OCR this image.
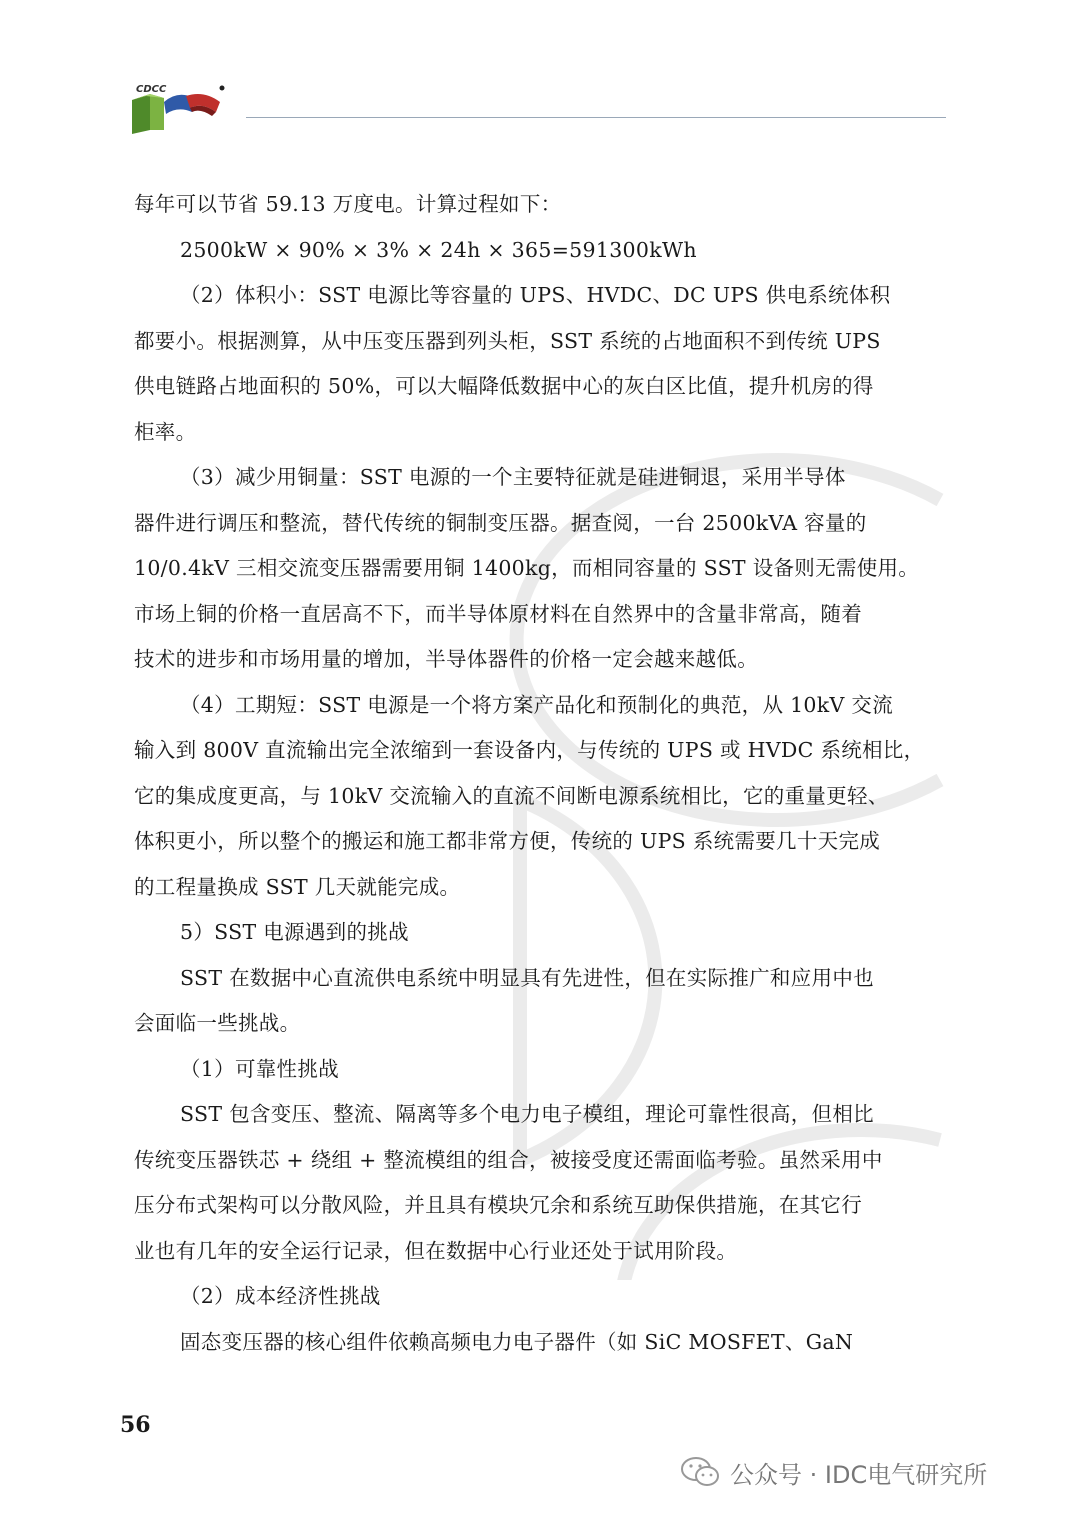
CDCC

每年可以节省 59.13 万度电。计算过程如下：

2500kW × 90% × 3% × 24h × 365=591300kWh

（2）体积小：SST 电源比等容量的 UPS、HVDC、DC UPS 供电系统体积

都要小。根据测算，从中压变压器到列头柜，SST 系统的占地面积不到传统 UPS

供电链路占地面积的 50%，可以大幅降低数据中心的灰白区比值，提升机房的得

柜率。

（3）减少用铜量：SST 电源的一个主要特征就是硅进铜退，采用半导体

器件进行调压和整流，替代传统的铜制变压器。据查阅，一台 2500kVA 容量的

10/0.4kV 三相交流变压器需要用铜 1400kg，而相同容量的 SST 设备则无需使用。

市场上铜的价格一直居高不下，而半导体原材料在自然界中的含量非常高，随着

技术的进步和市场用量的增加，半导体器件的价格一定会越来越低。

（4）工期短：SST 电源是一个将方案产品化和预制化的典范，从 10kV 交流

输入到 800V 直流输出完全浓缩到一套设备内，与传统的 UPS 或 HVDC 系统相比，

它的集成度更高，与 10kV 交流输入的直流不间断电源系统相比，它的重量更轻、

体积更小，所以整个的搬运和施工都非常方便，传统的 UPS 系统需要几十天完成

的工程量换成 SST 几天就能完成。

5）SST 电源遇到的挑战

SST 在数据中心直流供电系统中明显具有先进性，但在实际推广和应用中也

会面临一些挑战。

（1）可靠性挑战

SST 包含变压、整流、隔离等多个电力电子模组，理论可靠性很高，但相比

传统变压器铁芯 + 绕组 + 整流模组的组合，被接受度还需面临考验。虽然采用中

压分布式架构可以分散风险，并且具有模块冗余和系统互助保供措施，在其它行

业也有几年的安全运行记录，但在数据中心行业还处于试用阶段。

（2）成本经济性挑战

固态变压器的核心组件依赖高频电力电子器件（如 SiC MOSFET、GaN

56
公众号 · IDC电气研究所
